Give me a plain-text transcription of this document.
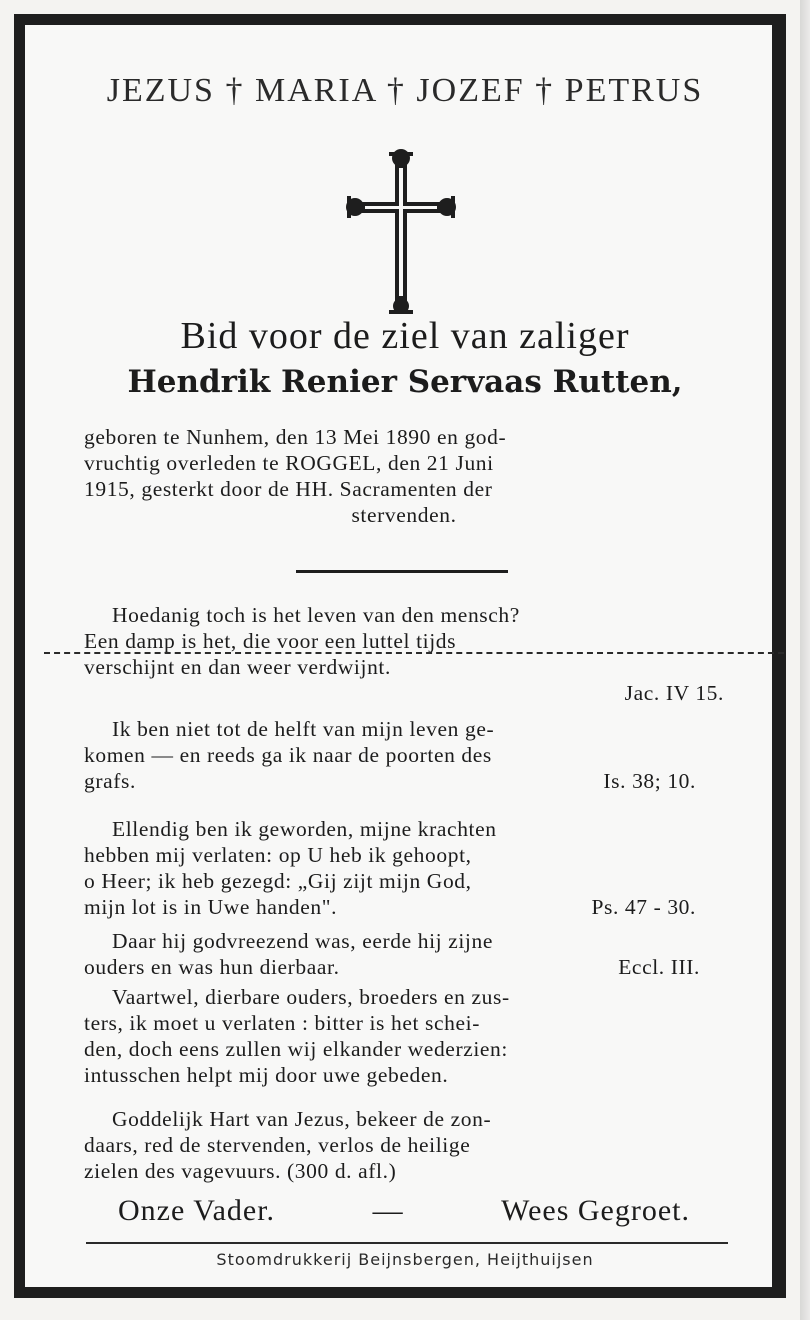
JEZUS † MARIA † JOZEF † PETRUS
Bid voor de ziel van zaliger
Hendrik Renier Servaas Rutten,
geboren te Nunhem, den 13 Mei 1890 en god-
vruchtig overleden te ROGGEL, den 21 Juni
1915, gesterkt door de HH. Sacramenten der
stervenden.
Hoedanig toch is het leven van den mensch?
Een damp is het, die voor een luttel tijds
verschijnt en dan weer verdwijnt.
Jac. IV 15.
Ik ben niet tot de helft van mijn leven ge-
komen — en reeds ga ik naar de poorten des
grafs.	Is. 38; 10.
Ellendig ben ik geworden, mijne krachten
hebben mij verlaten: op U heb ik gehoopt,
o Heer; ik heb gezegd: „Gij zijt mijn God,
mijn lot is in Uwe handen".	Ps. 47 - 30.
Daar hij godvreezend was, eerde hij zijne
ouders en was hun dierbaar.	Eccl. III.
Vaartwel, dierbare ouders, broeders en zus-
ters, ik moet u verlaten : bitter is het schei-
den, doch eens zullen wij elkander wederzien:
intusschen helpt mij door uwe gebeden.
Goddelijk Hart van Jezus, bekeer de zon-
daars, red de stervenden, verlos de heilige
zielen des vagevuurs. (300 d. afl.)
Onze Vader.	—	Wees Gegroet.
Stoomdrukkerij Beijnsbergen, Heijthuijsen
